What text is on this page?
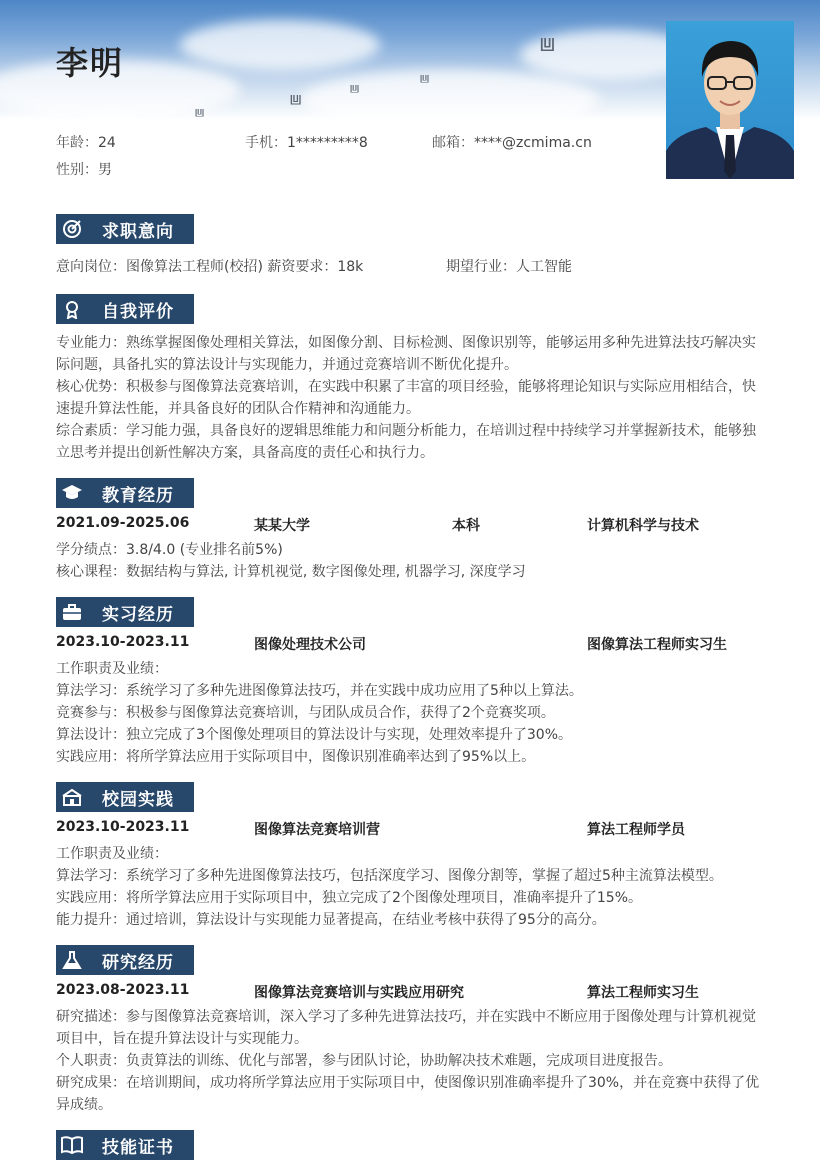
⩏
⩏
⩏
⩏
⩏
李明
年龄：24	手机：1*********8	邮箱：****@zcmima.cn
性别：男
求职意向
意向岗位：图像算法工程师(校招) 薪资要求：18k	期望行业：人工智能
自我评价
专业能力：熟练掌握图像处理相关算法，如图像分割、目标检测、图像识别等，能够运用多种先进算法技巧解决实际问题，具备扎实的算法设计与实现能力，并通过竞赛培训不断优化提升。
核心优势：积极参与图像算法竞赛培训，在实践中积累了丰富的项目经验，能够将理论知识与实际应用相结合，快速提升算法性能，并具备良好的团队合作精神和沟通能力。
综合素质：学习能力强，具备良好的逻辑思维能力和问题分析能力，在培训过程中持续学习并掌握新技术，能够独立思考并提出创新性解决方案，具备高度的责任心和执行力。
教育经历
2021.09-2025.06	某某大学	本科	计算机科学与技术
学分绩点：3.8/4.0 (专业排名前5%)
核心课程：数据结构与算法, 计算机视觉, 数字图像处理, 机器学习, 深度学习
实习经历
2023.10-2023.11	图像处理技术公司	图像算法工程师实习生
工作职责及业绩：
算法学习：系统学习了多种先进图像算法技巧，并在实践中成功应用了5种以上算法。
竞赛参与：积极参与图像算法竞赛培训，与团队成员合作，获得了2个竞赛奖项。
算法设计：独立完成了3个图像处理项目的算法设计与实现，处理效率提升了30%。
实践应用：将所学算法应用于实际项目中，图像识别准确率达到了95%以上。
校园实践
2023.10-2023.11	图像算法竞赛培训营	算法工程师学员
工作职责及业绩：
算法学习：系统学习了多种先进图像算法技巧，包括深度学习、图像分割等，掌握了超过5种主流算法模型。
实践应用：将所学算法应用于实际项目中，独立完成了2个图像处理项目，准确率提升了15%。
能力提升：通过培训，算法设计与实现能力显著提高，在结业考核中获得了95分的高分。
研究经历
2023.08-2023.11	图像算法竞赛培训与实践应用研究	算法工程师实习生
研究描述：参与图像算法竞赛培训，深入学习了多种先进算法技巧，并在实践中不断应用于图像处理与计算机视觉项目中，旨在提升算法设计与实现能力。
个人职责：负责算法的训练、优化与部署，参与团队讨论，协助解决技术难题，完成项目进度报告。
研究成果：在培训期间，成功将所学算法应用于实际项目中，使图像识别准确率提升了30%，并在竞赛中获得了优异成绩。
技能证书
